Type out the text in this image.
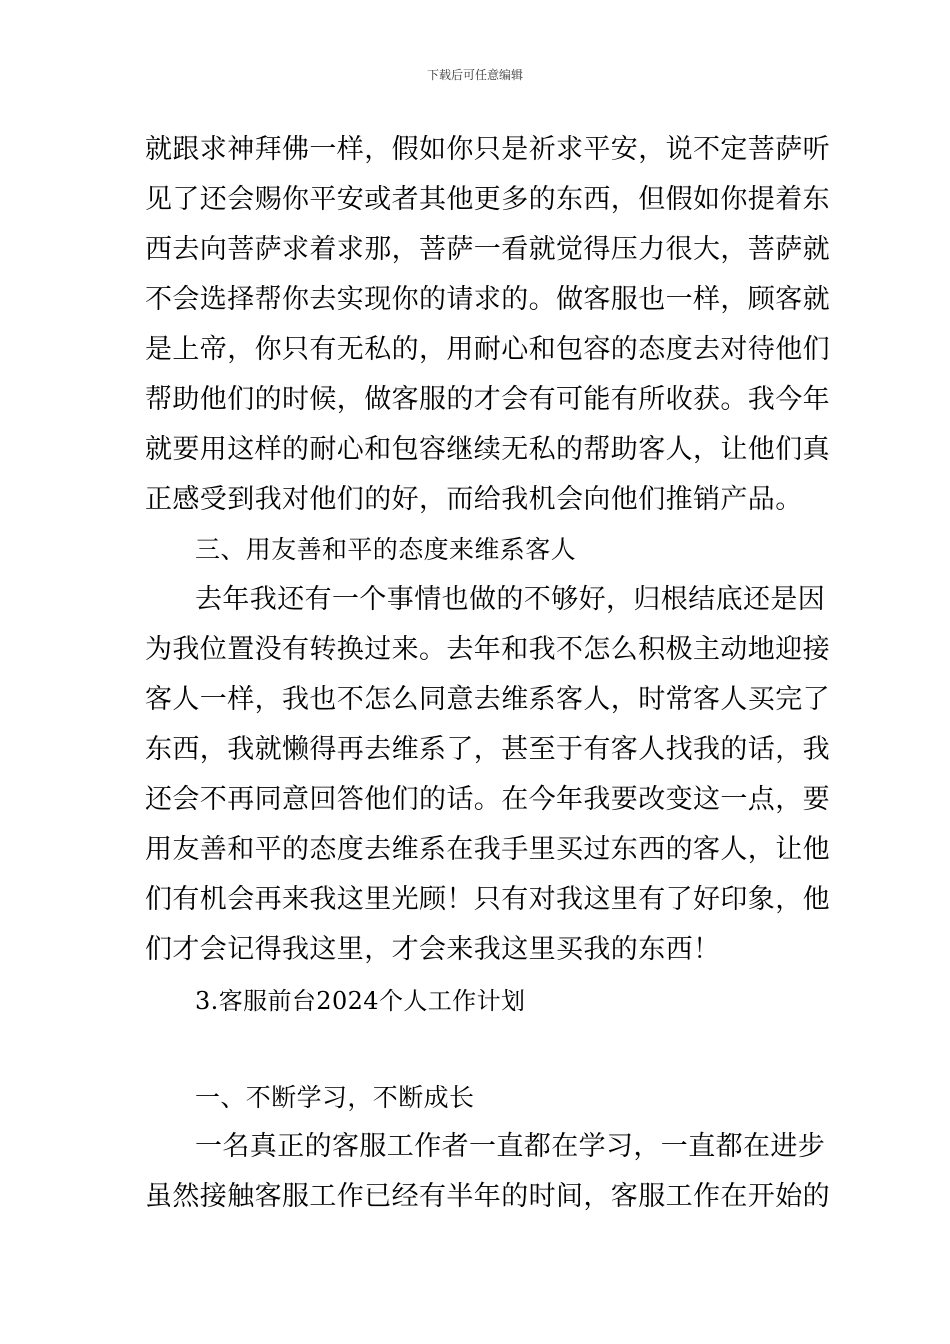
下载后可任意编辑
就跟求神拜佛一样，假如你只是祈求平安，说不定菩萨听
见了还会赐你平安或者其他更多的东西，但假如你提着东
西去向菩萨求着求那，菩萨一看就觉得压力很大，菩萨就
不会选择帮你去实现你的请求的。做客服也一样，顾客就
是上帝，你只有无私的，用耐心和包容的态度去对待他们
帮助他们的时候，做客服的才会有可能有所收获。我今年
就要用这样的耐心和包容继续无私的帮助客人，让他们真
正感受到我对他们的好，而给我机会向他们推销产品。
三、用友善和平的态度来维系客人
去年我还有一个事情也做的不够好，归根结底还是因
为我位置没有转换过来。去年和我不怎么积极主动地迎接
客人一样，我也不怎么同意去维系客人，时常客人买完了
东西，我就懒得再去维系了，甚至于有客人找我的话，我
还会不再同意回答他们的话。在今年我要改变这一点，要
用友善和平的态度去维系在我手里买过东西的客人，让他
们有机会再来我这里光顾！只有对我这里有了好印象，他
们才会记得我这里，才会来我这里买我的东西！
3.客服前台2024个人工作计划
一、不断学习，不断成长
一名真正的客服工作者一直都在学习，一直都在进步
虽然接触客服工作已经有半年的时间，客服工作在开始的
